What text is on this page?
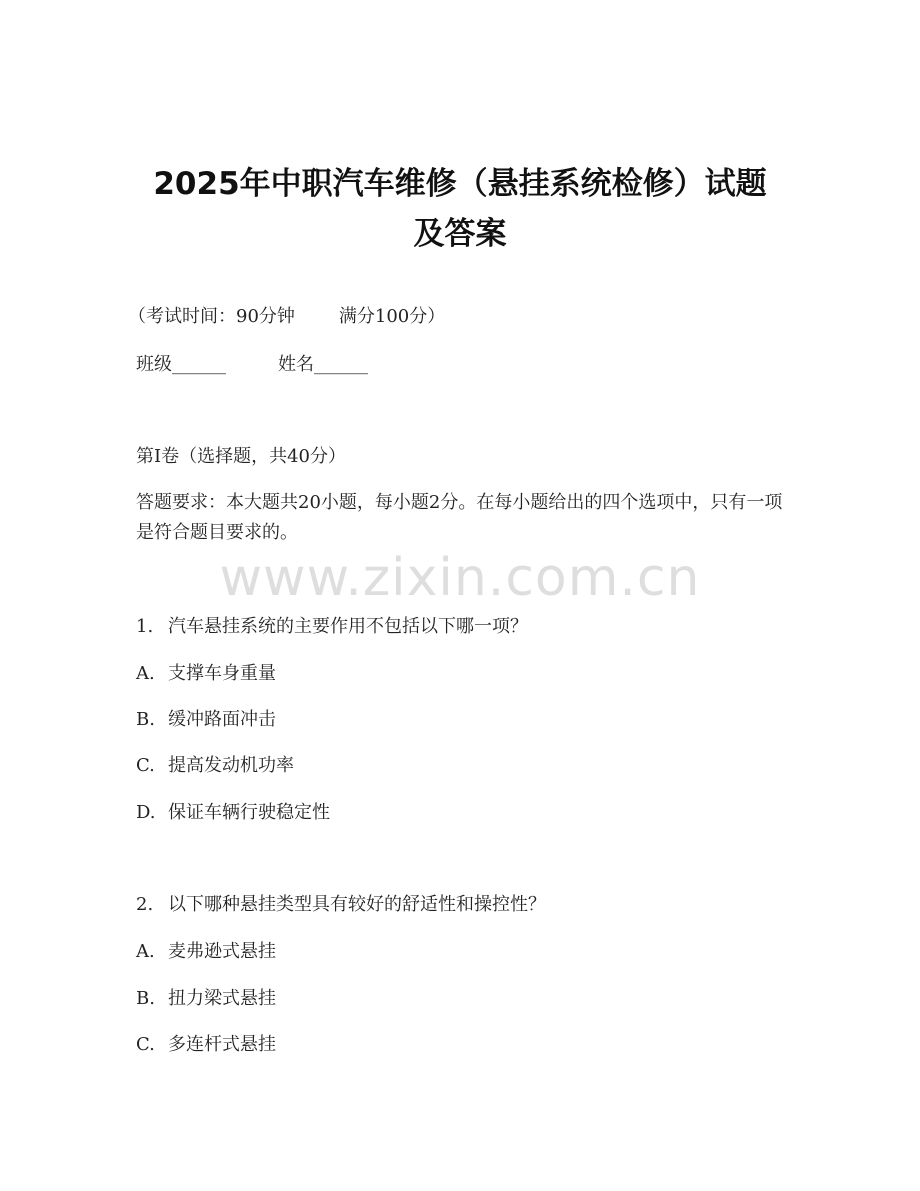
2025年中职汽车维修（悬挂系统检修）试题
及答案

（考试时间：90分钟 满分100分）

班级______	姓名______

第I卷（选择题，共40分）

答题要求：本大题共20小题，每小题2分。在每小题给出的四个选项中，只有一项是符合题目要求的。

www.zixin.com.cn

1. 汽车悬挂系统的主要作用不包括以下哪一项？

A. 支撑车身重量

B. 缓冲路面冲击

C. 提高发动机功率

D. 保证车辆行驶稳定性

2. 以下哪种悬挂类型具有较好的舒适性和操控性？

A. 麦弗逊式悬挂

B. 扭力梁式悬挂

C. 多连杆式悬挂
